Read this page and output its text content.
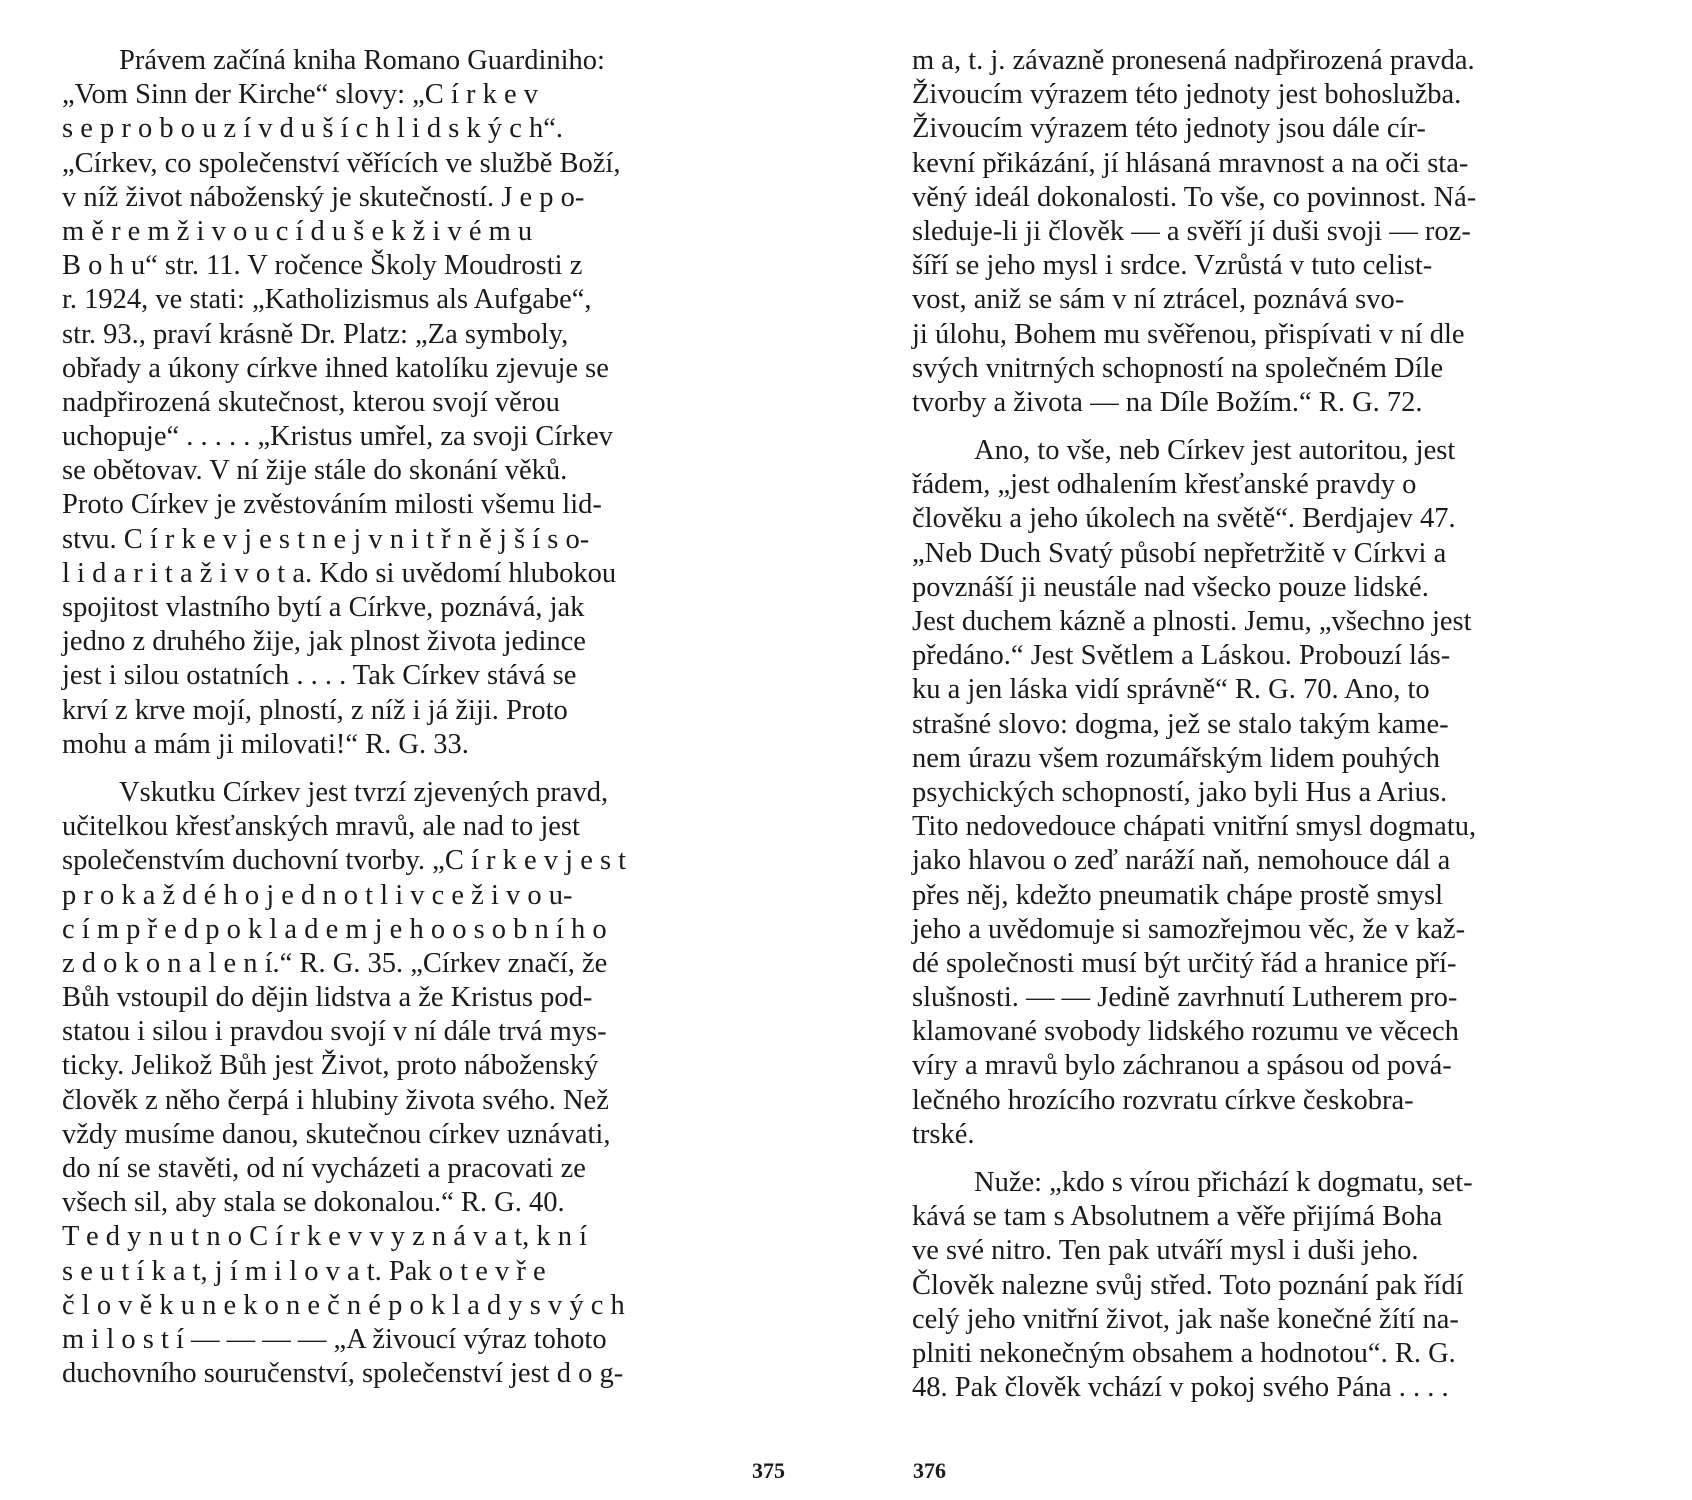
Právem začíná kniha Romano Guardiniho:
„Vom Sinn der Kirche“ slovy: „C í r k e v
s e p r o b o u z í v d u š í c h l i d s k ý c h“.
„Církev, co společenství věřících ve službě Boží,
v níž život náboženský je skutečností. J e p o-
m ě r e m ž i v o u c í d u š e k ž i v é m u
B o h u“ str. 11. V ročence Školy Moudrosti z
r. 1924, ve stati: „Katholizismus als Aufgabe“,
str. 93., praví krásně Dr. Platz: „Za symboly,
obřady a úkony církve ihned katolíku zjevuje se
nadpřirozená skutečnost, kterou svojí věrou
uchopuje“ . . . . . „Kristus umřel, za svoji Církev
se obětovav. V ní žije stále do skonání věků.
Proto Církev je zvěstováním milosti všemu lid-
stvu. C í r k e v j e s t n e j v n i t ř n ě j š í s o-
l i d a r i t a ž i v o t a. Kdo si uvědomí hlubokou
spojitost vlastního bytí a Církve, poznává, jak
jedno z druhého žije, jak plnost života jedince
jest i silou ostatních . . . . Tak Církev stává se
krví z krve mojí, plností, z níž i já žiji. Proto
mohu a mám ji milovati!“ R. G. 33.
Vskutku Církev jest tvrzí zjevených pravd,
učitelkou křesťanských mravů, ale nad to jest
společenstvím duchovní tvorby. „C í r k e v j e s t
p r o k a ž d é h o j e d n o t l i v c e ž i v o u-
c í m p ř e d p o k l a d e m j e h o o s o b n í h o
z d o k o n a l e n í.“ R. G. 35. „Církev značí, že
Bůh vstoupil do dějin lidstva a že Kristus pod-
statou i silou i pravdou svojí v ní dále trvá mys-
ticky. Jelikož Bůh jest Život, proto náboženský
člověk z něho čerpá i hlubiny života svého. Než
vždy musíme danou, skutečnou církev uznávati,
do ní se stavěti, od ní vycházeti a pracovati ze
všech sil, aby stala se dokonalou.“ R. G. 40.
T e d y n u t n o C í r k e v v y z n á v a t, k n í
s e u t í k a t, j í m i l o v a t. Pak o t e v ř e
č l o v ě k u n e k o n e č n é p o k l a d y s v ý c h
m i l o s t í — — — — „A živoucí výraz tohoto
duchovního souručenství, společenství jest d o g-
m a, t. j. závazně pronesená nadpřirozená pravda.
Živoucím výrazem této jednoty jest bohoslužba.
Živoucím výrazem této jednoty jsou dále cír-
kevní přikázání, jí hlásaná mravnost a na oči sta-
věný ideál dokonalosti. To vše, co povinnost. Ná-
sleduje-li ji člověk — a svěří jí duši svoji — roz-
šíří se jeho mysl i srdce. Vzrůstá v tuto celist-
vost, aniž se sám v ní ztrácel, poznává svo-
ji úlohu, Bohem mu svěřenou, přispívati v ní dle
svých vnitrných schopností na společném Díle
tvorby a života — na Díle Božím.“ R. G. 72.
Ano, to vše, neb Církev jest autoritou, jest
řádem, „jest odhalením křesťanské pravdy o
člověku a jeho úkolech na světě“. Berdjajev 47.
„Neb Duch Svatý působí nepřetržitě v Církvi a
povznáší ji neustále nad všecko pouze lidské.
Jest duchem kázně a plnosti. Jemu, „všechno jest
předáno.“ Jest Světlem a Láskou. Probouzí lás-
ku a jen láska vidí správně“ R. G. 70. Ano, to
strašné slovo: dogma, jež se stalo takým kame-
nem úrazu všem rozumářským lidem pouhých
psychických schopností, jako byli Hus a Arius.
Tito nedovedouce chápati vnitřní smysl dogmatu,
jako hlavou o zeď naráží naň, nemohouce dál a
přes něj, kdežto pneumatik chápe prostě smysl
jeho a uvědomuje si samozřejmou věc, že v kaž-
dé společnosti musí být určitý řád a hranice pří-
slušnosti. — — Jedině zavrhnutí Lutherem pro-
klamované svobody lidského rozumu ve věcech
víry a mravů bylo záchranou a spásou od pová-
lečného hrozícího rozvratu církve českobra-
trské.
Nuže: „kdo s vírou přichází k dogmatu, set-
kává se tam s Absolutnem a věře přijímá Boha
ve své nitro. Ten pak utváří mysl i duši jeho.
Člověk nalezne svůj střed. Toto poznání pak řídí
celý jeho vnitřní život, jak naše konečné žítí na-
plniti nekonečným obsahem a hodnotou“. R. G.
48. Pak člověk vchází v pokoj svého Pána . . . .
375	376
